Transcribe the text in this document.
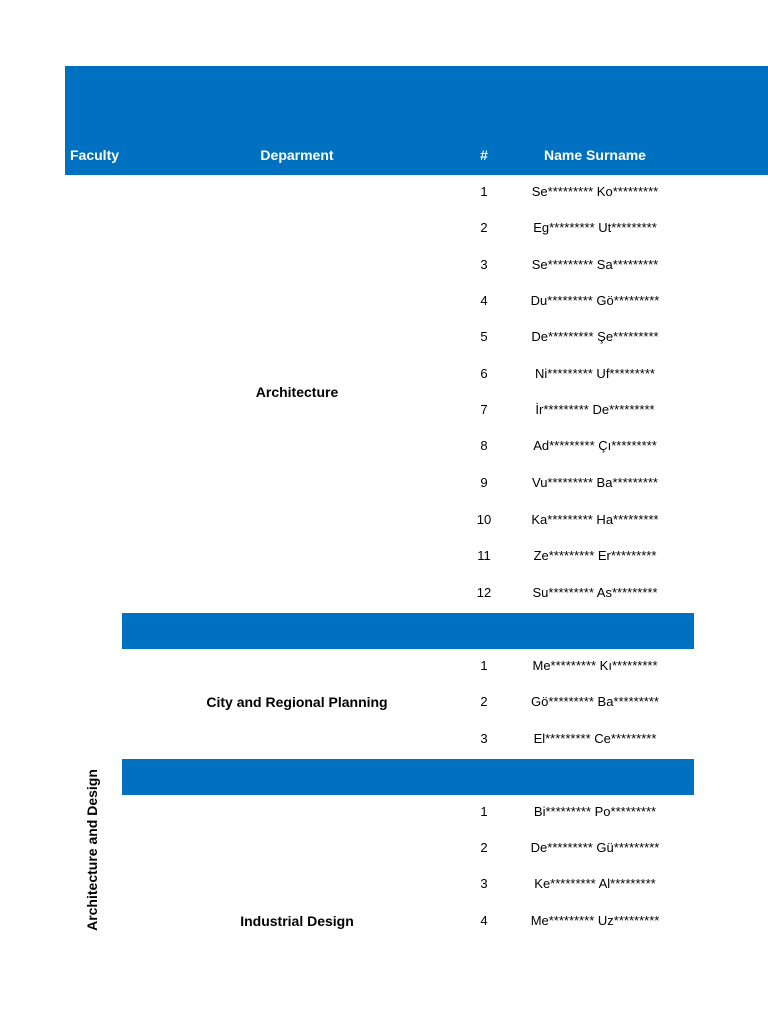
Faculty	Deparment	#	Name Surname
Architecture and Design
Architecture
1	Se********* Ko*********
2	Eg********* Ut*********
3	Se********* Sa*********
4	Du********* Gö*********
5	De********* Şe*********
6	Ni********* Uf*********
7	İr********* De*********
8	Ad********* Çı*********
9	Vu********* Ba*********
10	Ka********* Ha*********
11	Ze********* Er*********
12	Su********* As*********
City and Regional Planning
1	Me********* Kı*********
2	Gö********* Ba*********
3	El********* Ce*********
Industrial Design
1	Bi********* Po*********
2	De********* Gü*********
3	Ke********* Al*********
4	Me********* Uz*********
